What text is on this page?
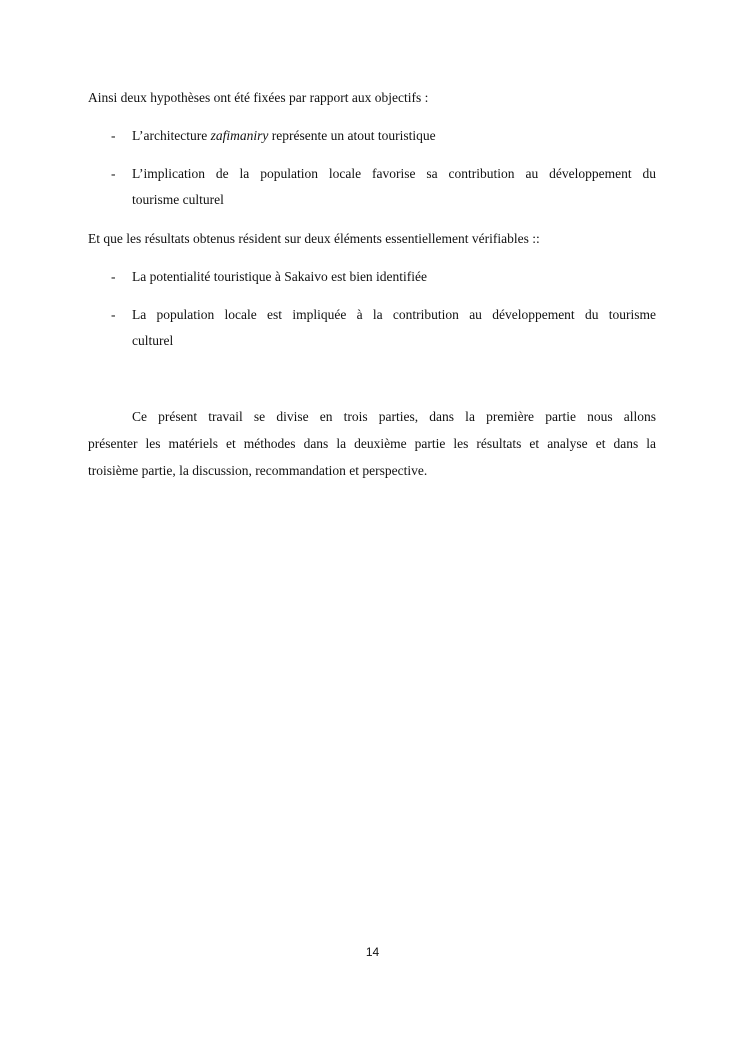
Ainsi deux hypothèses ont été fixées par rapport aux objectifs :
- L’architecture zafimaniry représente un atout touristique
- L’implication de la population locale favorise sa contribution au développement du
tourisme culturel
Et que les résultats obtenus résident sur deux éléments essentiellement vérifiables ::
- La potentialité touristique à Sakaivo est bien identifiée
- La population locale est impliquée à la contribution au développement du tourisme
culturel
Ce présent travail se divise en trois parties, dans la première partie nous allons
présenter les matériels et méthodes dans la deuxième partie les résultats et analyse et dans la
troisième partie, la discussion, recommandation et perspective.
14
